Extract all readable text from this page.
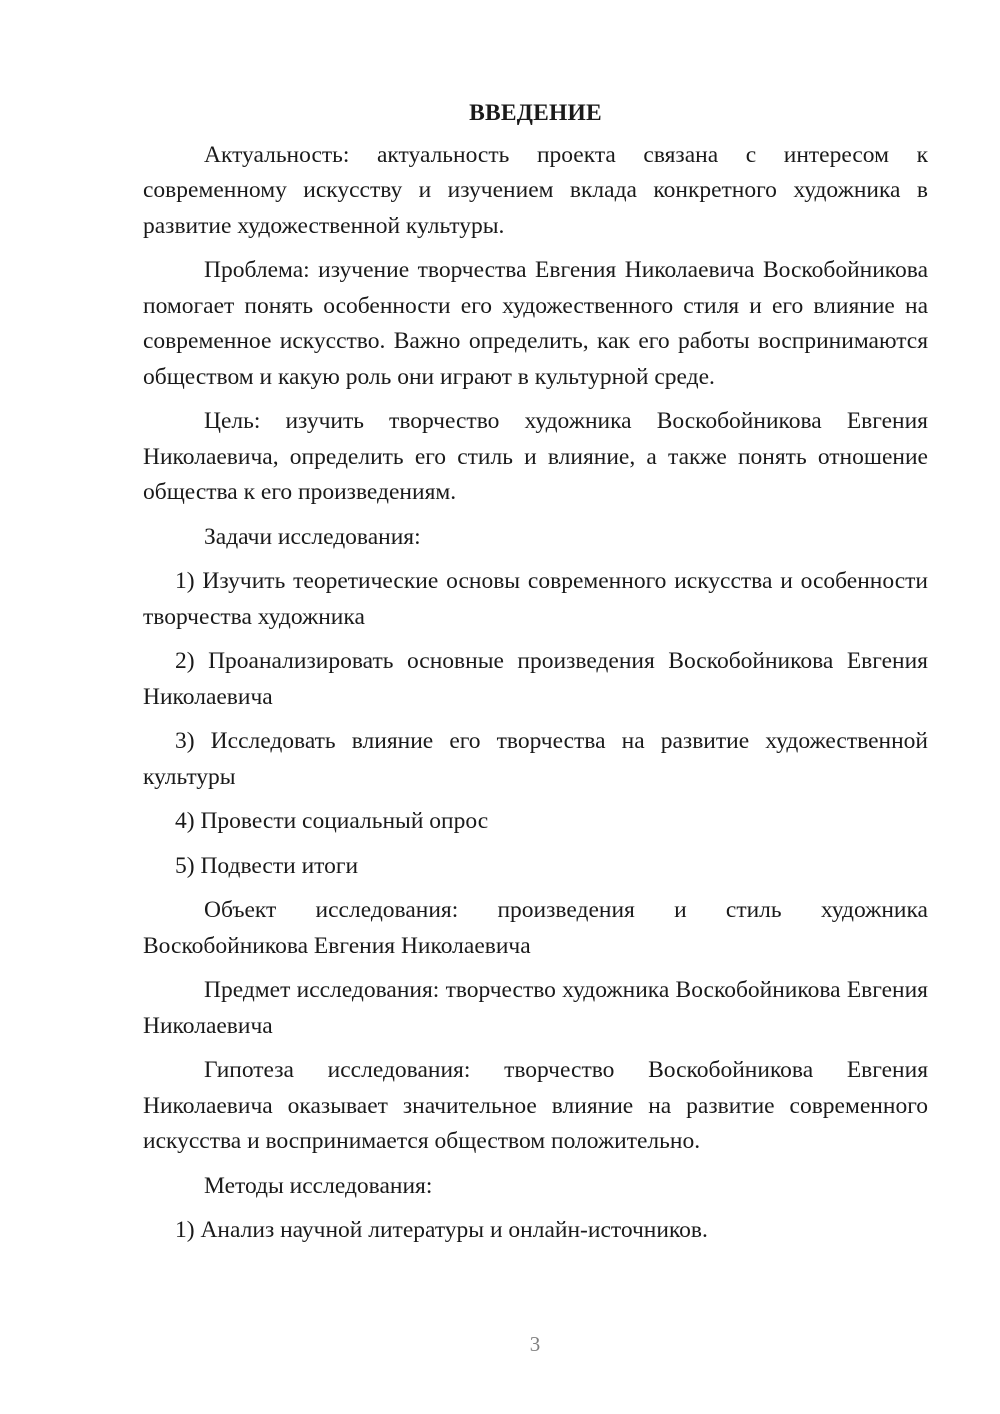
ВВЕДЕНИЕ

Актуальность: актуальность проекта связана с интересом к современному искусству и изучением вклада конкретного художника в развитие художественной культуры.

Проблема: изучение творчества Евгения Николаевича Воскобойникова помогает понять особенности его художественного стиля и его влияние на современное искусство. Важно определить, как его работы воспринимаются обществом и какую роль они играют в культурной среде.

Цель: изучить творчество художника Воскобойникова Евгения Николаевича, определить его стиль и влияние, а также понять отношение общества к его произведениям.

Задачи исследования:

1) Изучить теоретические основы современного искусства и особенности творчества художника

2) Проанализировать основные произведения Воскобойникова Евгения Николаевича

3) Исследовать влияние его творчества на развитие художественной культуры

4) Провести социальный опрос

5) Подвести итоги

Объект исследования: произведения и стиль художника Воскобойникова Евгения Николаевича

Предмет исследования: творчество художника Воскобойникова Евгения Николаевича

Гипотеза исследования: творчество Воскобойникова Евгения Николаевича оказывает значительное влияние на развитие современного искусства и воспринимается обществом положительно.

Методы исследования:

1) Анализ научной литературы и онлайн-источников.

3
